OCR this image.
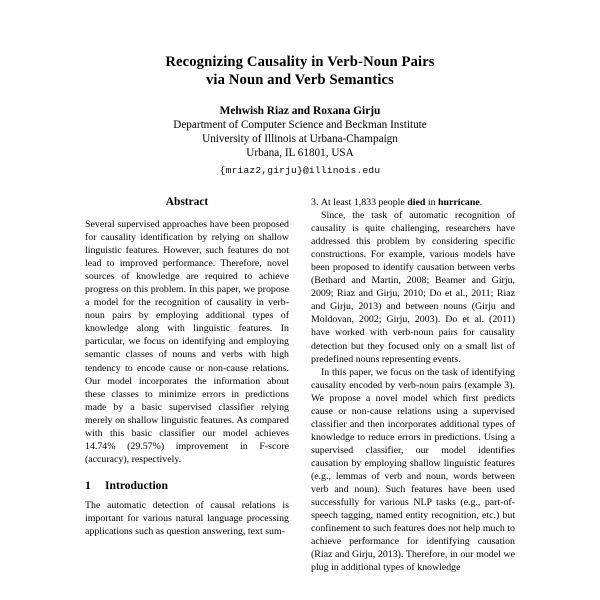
Recognizing Causality in Verb-Noun Pairs
via Noun and Verb Semantics
Mehwish Riaz and Roxana Girju
Department of Computer Science and Beckman Institute
University of Illinois at Urbana-Champaign
Urbana, IL 61801, USA
{mriaz2,girju}@illinois.edu
Abstract

Several supervised approaches have been proposed for causality identification by relying on shallow linguistic features. However, such features do not lead to improved performance. Therefore, novel sources of knowledge are required to achieve progress on this problem. In this paper, we propose a model for the recognition of causality in verb-noun pairs by employing additional types of knowledge along with linguistic features. In particular, we focus on identifying and employing semantic classes of nouns and verbs with high tendency to encode cause or non-cause relations. Our model incorporates the information about these classes to minimize errors in predictions made by a basic supervised classifier relying merely on shallow linguistic features. As compared with this basic classifier our model achieves 14.74% (29.57%) improvement in F-score (accuracy), respectively.

1	Introduction

The automatic detection of causal relations is important for various natural language processing applications such as question answering, text sum-

3. At least 1,833 people died in hurricane.

Since, the task of automatic recognition of causality is quite challenging, researchers have addressed this problem by considering specific constructions. For example, various models have been proposed to identify causation between verbs (Bethard and Martin, 2008; Beamer and Girju, 2009; Riaz and Girju, 2010; Do et al., 2011; Riaz and Girju, 2013) and between nouns (Girju and Moldovan, 2002; Girju, 2003). Do et al. (2011) have worked with verb-noun pairs for causality detection but they focused only on a small list of predefined nouns representing events.

In this paper, we focus on the task of identifying causality encoded by verb-noun pairs (example 3). We propose a novel model which first predicts cause or non-cause relations using a supervised classifier and then incorporates additional types of knowledge to reduce errors in predictions. Using a supervised classifier, our model identifies causation by employing shallow linguistic features (e.g., lemmas of verb and noun, words between verb and noun). Such features have been used successfully for various NLP tasks (e.g., part-of-speech tagging, named entity recognition, etc.) but confinement to such features does not help much to achieve performance for identifying causation (Riaz and Girju, 2013). Therefore, in our model we plug in additional types of knowledge
